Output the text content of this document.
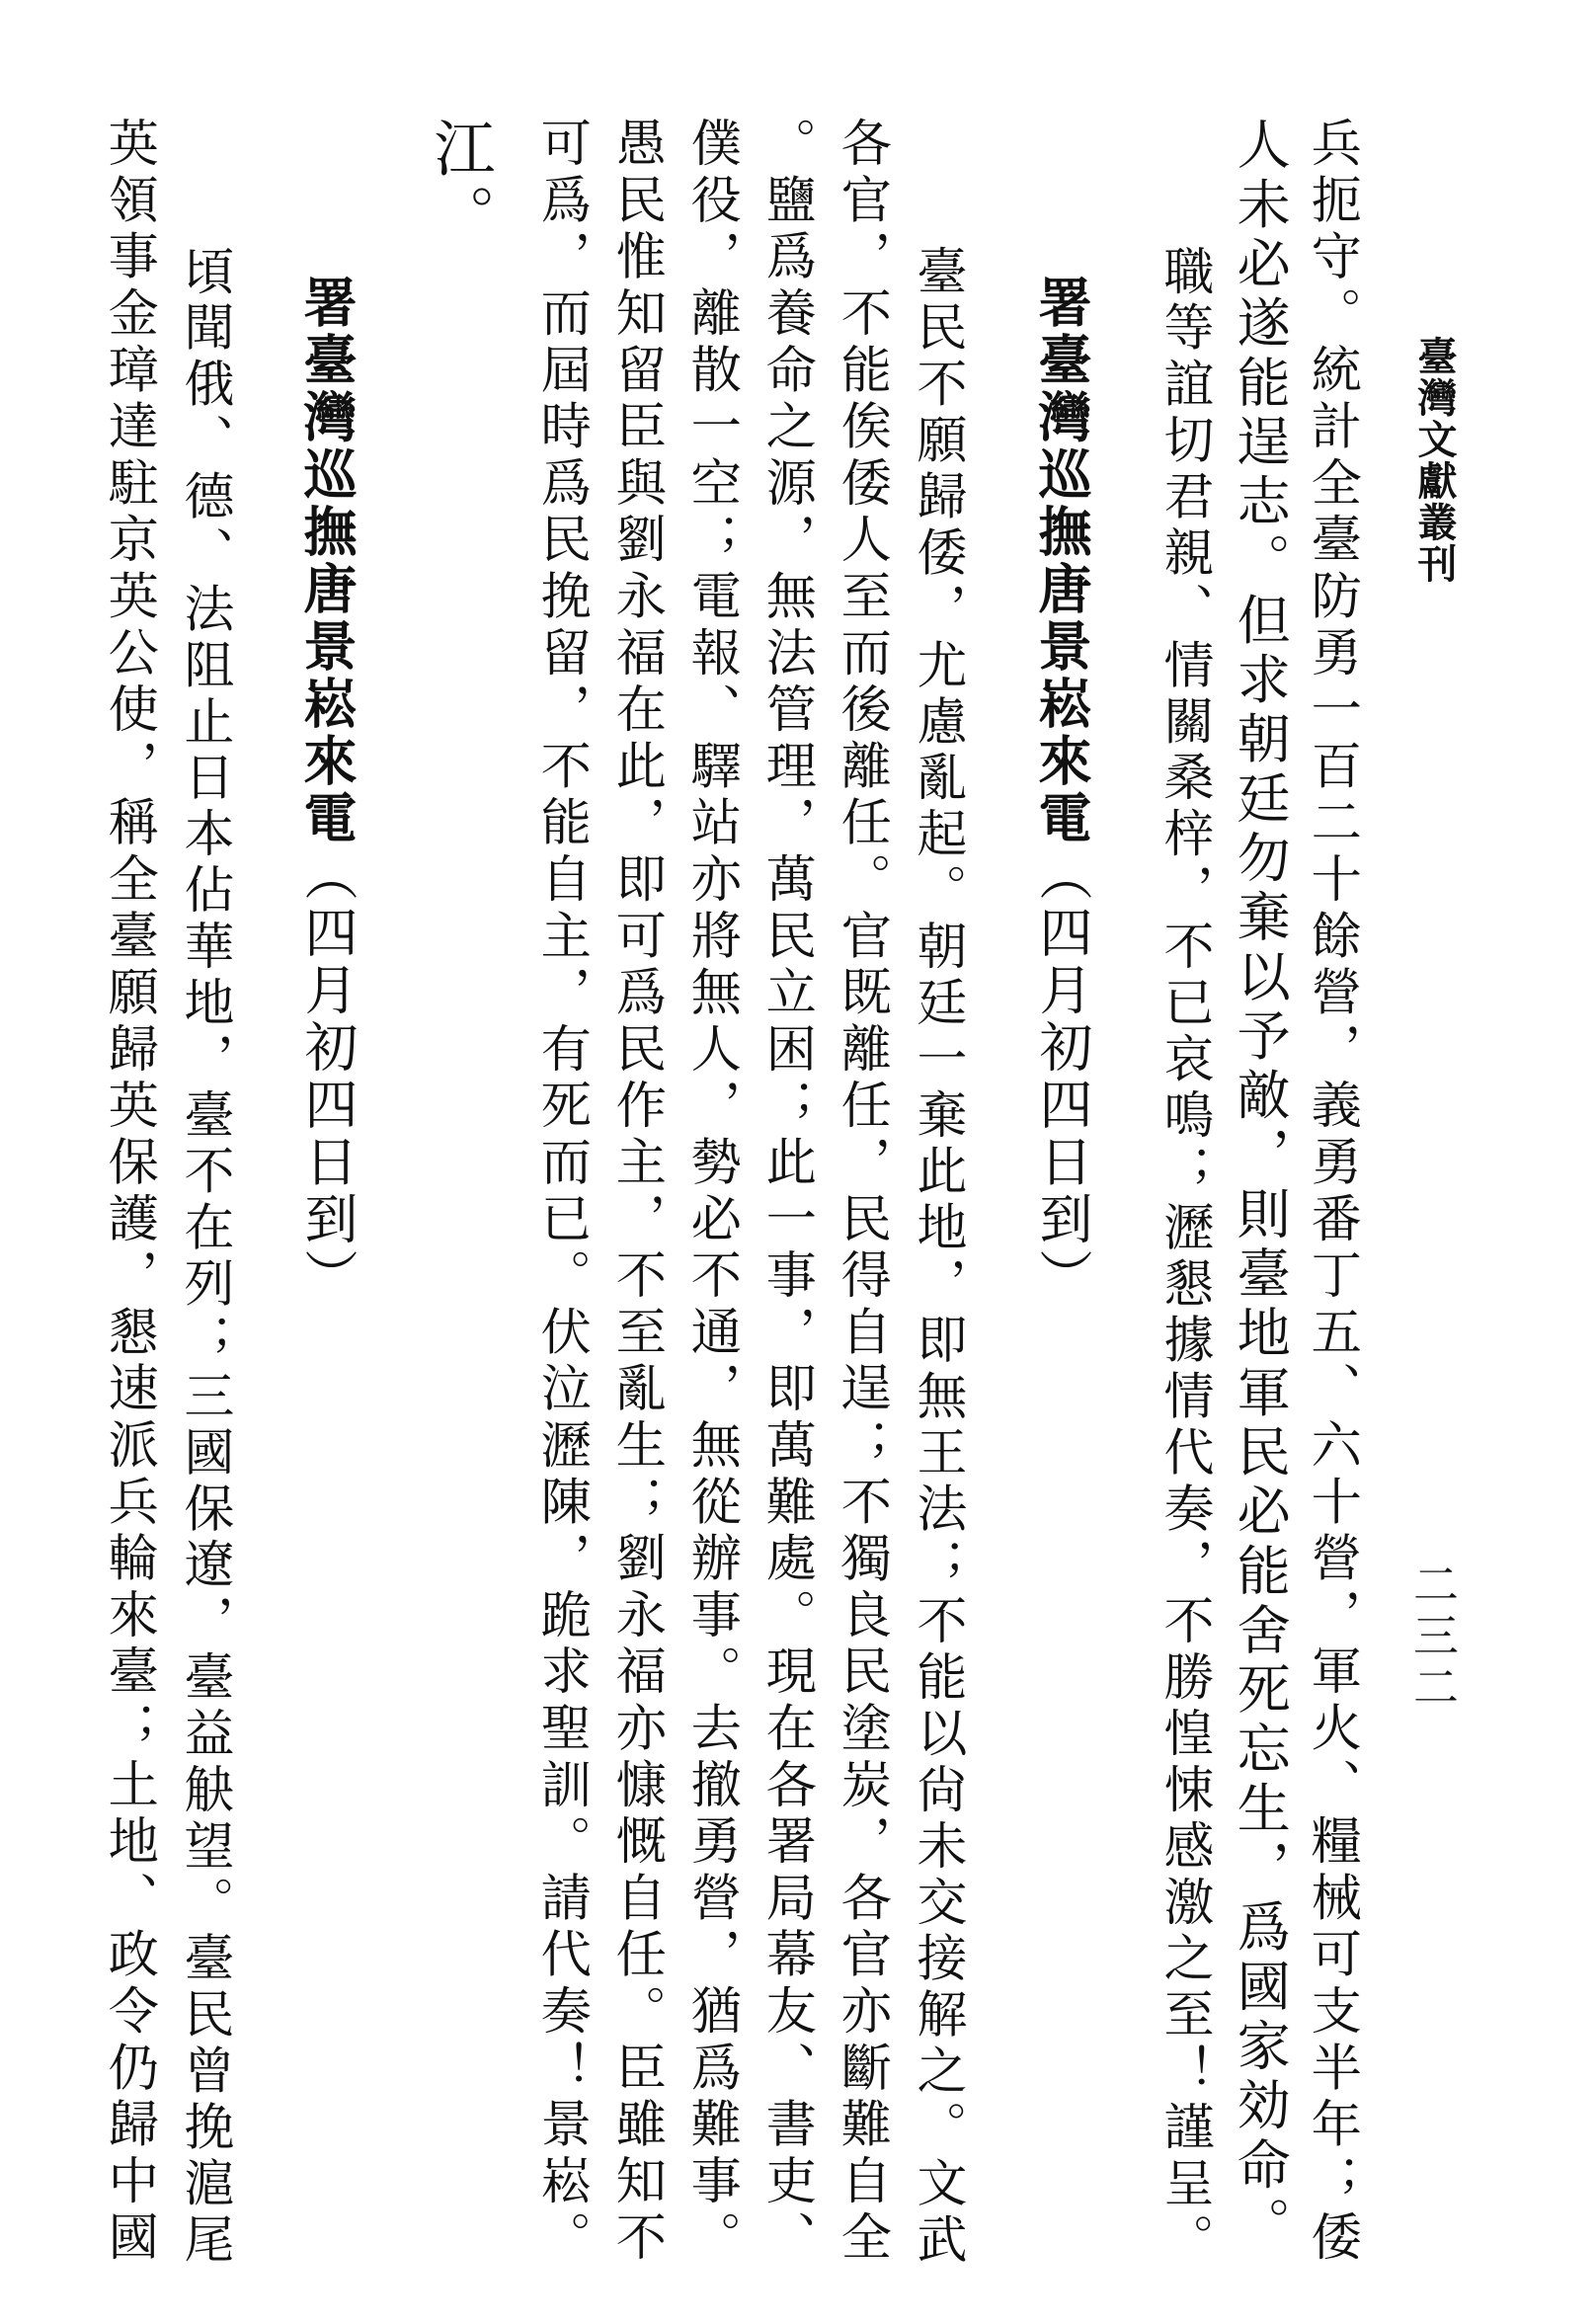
臺灣文獻叢刊
二三二
兵扼守。統計全臺防勇一百二十餘營，義勇番丁五、六十營，軍火、糧械可支半年；倭
人未必遂能逞志。但求朝廷勿棄以予敵，則臺地軍民必能舍死忘生，爲國家効命。
職等誼切君親、情關桑梓，不已哀鳴；瀝懇據情代奏，不勝惶悚感激之至！謹呈。
署臺灣巡撫唐景崧來電（四月初四日到）
臺民不願歸倭，尤慮亂起。朝廷一棄此地，即無王法；不能以尙未交接解之。文武
各官，不能俟倭人至而後離任。官既離任，民得自逞；不獨良民塗炭，各官亦斷難自全
。鹽爲養命之源，無法管理，萬民立困；此一事，即萬難處。現在各署局幕友、書吏、
僕役，離散一空；電報、驛站亦將無人，勢必不通，無從辦事。去撤勇營，猶爲難事。
愚民惟知留臣與劉永福在此，即可爲民作主，不至亂生；劉永福亦慷慨自任。臣雖知不
可爲，而屆時爲民挽留，不能自主，有死而已。伏泣瀝陳，跪求聖訓。請代奏！景崧。
江。
署臺灣巡撫唐景崧來電（四月初四日到）
頃聞俄、德、法阻止日本佔華地，臺不在列；三國保遼，臺益觖望。臺民曾挽滬尾
英領事金璋達駐京英公使，稱全臺願歸英保護，懇速派兵輪來臺；土地、政令仍歸中國
